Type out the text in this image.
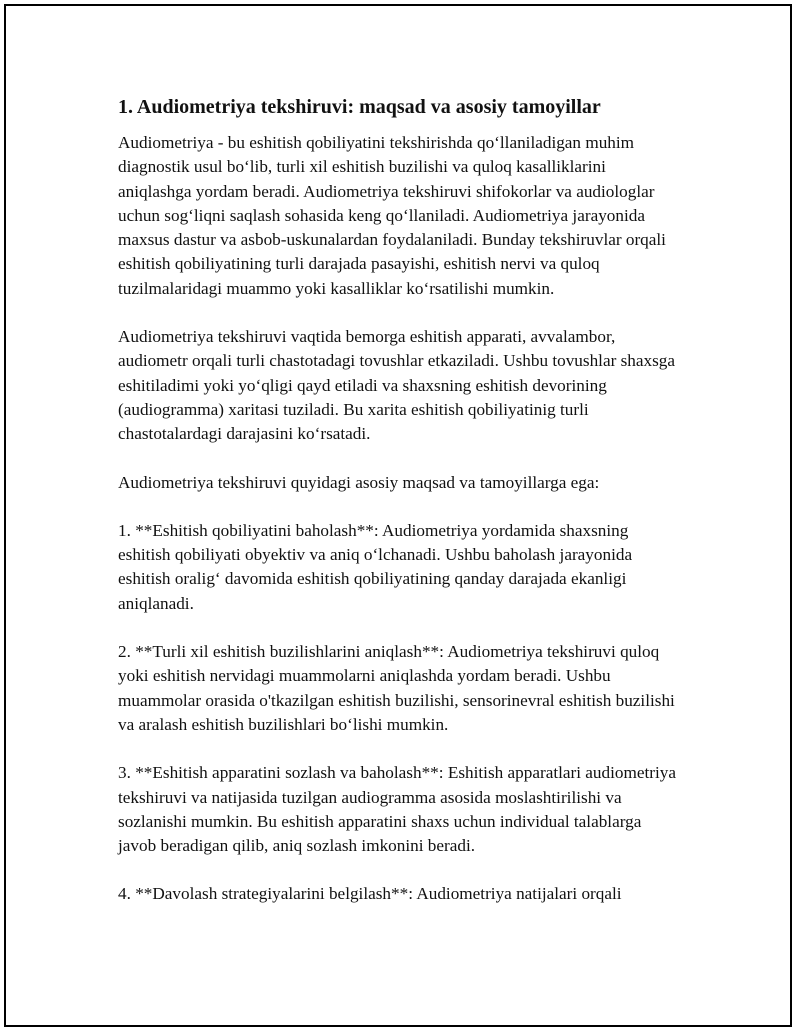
1. Audiometriya tekshiruvi: maqsad va asosiy tamoyillar

Audiometriya - bu eshitish qobiliyatini tekshirishda qo‘llaniladigan muhim diagnostik usul bo‘lib, turli xil eshitish buzilishi va quloq kasalliklarini aniqlashga yordam beradi. Audiometriya tekshiruvi shifokorlar va audiologlar uchun sog‘liqni saqlash sohasida keng qo‘llaniladi. Audiometriya jarayonida maxsus dastur va asbob-uskunalardan foydalaniladi. Bunday tekshiruvlar orqali eshitish qobiliyatining turli darajada pasayishi, eshitish nervi va quloq tuzilmalaridagi muammo yoki kasalliklar ko‘rsatilishi mumkin.

Audiometriya tekshiruvi vaqtida bemorga eshitish apparati, avvalambor, audiometr orqali turli chastotadagi tovushlar etkaziladi. Ushbu tovushlar shaxsga eshitiladimi yoki yo‘qligi qayd etiladi va shaxsning eshitish devorining (audiogramma) xaritasi tuziladi. Bu xarita eshitish qobiliyatinig turli chastotalardagi darajasini ko‘rsatadi.

Audiometriya tekshiruvi quyidagi asosiy maqsad va tamoyillarga ega:

1. **Eshitish qobiliyatini baholash**: Audiometriya yordamida shaxsning eshitish qobiliyati obyektiv va aniq o‘lchanadi. Ushbu baholash jarayonida eshitish oralig‘ davomida eshitish qobiliyatining qanday darajada ekanligi aniqlanadi.

2. **Turli xil eshitish buzilishlarini aniqlash**: Audiometriya tekshiruvi quloq yoki eshitish nervidagi muammolarni aniqlashda yordam beradi. Ushbu muammolar orasida o'tkazilgan eshitish buzilishi, sensorinevral eshitish buzilishi va aralash eshitish buzilishlari bo‘lishi mumkin.

3. **Eshitish apparatini sozlash va baholash**: Eshitish apparatlari audiometriya tekshiruvi va natijasida tuzilgan audiogramma asosida moslashtirilishi va sozlanishi mumkin. Bu eshitish apparatini shaxs uchun individual talablarga javob beradigan qilib, aniq sozlash imkonini beradi.

4. **Davolash strategiyalarini belgilash**: Audiometriya natijalari orqali
